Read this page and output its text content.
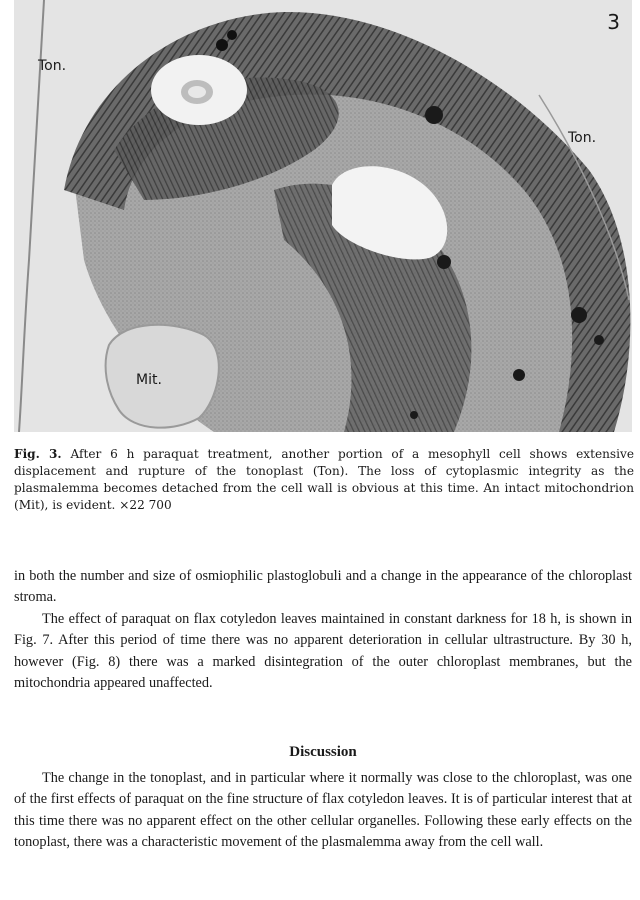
3
Ton.
Ton.
Mit.
Fig. 3. After 6 h paraquat treatment, another portion of a mesophyll cell shows extensive displacement and rupture of the tonoplast (Ton). The loss of cytoplasmic integrity as the plasmalemma becomes detached from the cell wall is obvious at this time. An intact mitochondrion (Mit), is evident. ×22 700

in both the number and size of osmiophilic plastoglobuli and a change in the appearance of the chloroplast stroma.

The effect of paraquat on flax cotyledon leaves maintained in constant darkness for 18 h, is shown in Fig. 7. After this period of time there was no apparent deterioration in cellular ultrastructure. By 30 h, however (Fig. 8) there was a marked disintegration of the outer chloroplast membranes, but the mitochondria appeared unaffected.

Discussion

The change in the tonoplast, and in particular where it normally was close to the chloroplast, was one of the first effects of paraquat on the fine structure of flax cotyledon leaves. It is of particular interest that at this time there was no apparent effect on the other cellular organelles. Following these early effects on the tonoplast, there was a characteristic movement of the plasmalemma away from the cell wall.
